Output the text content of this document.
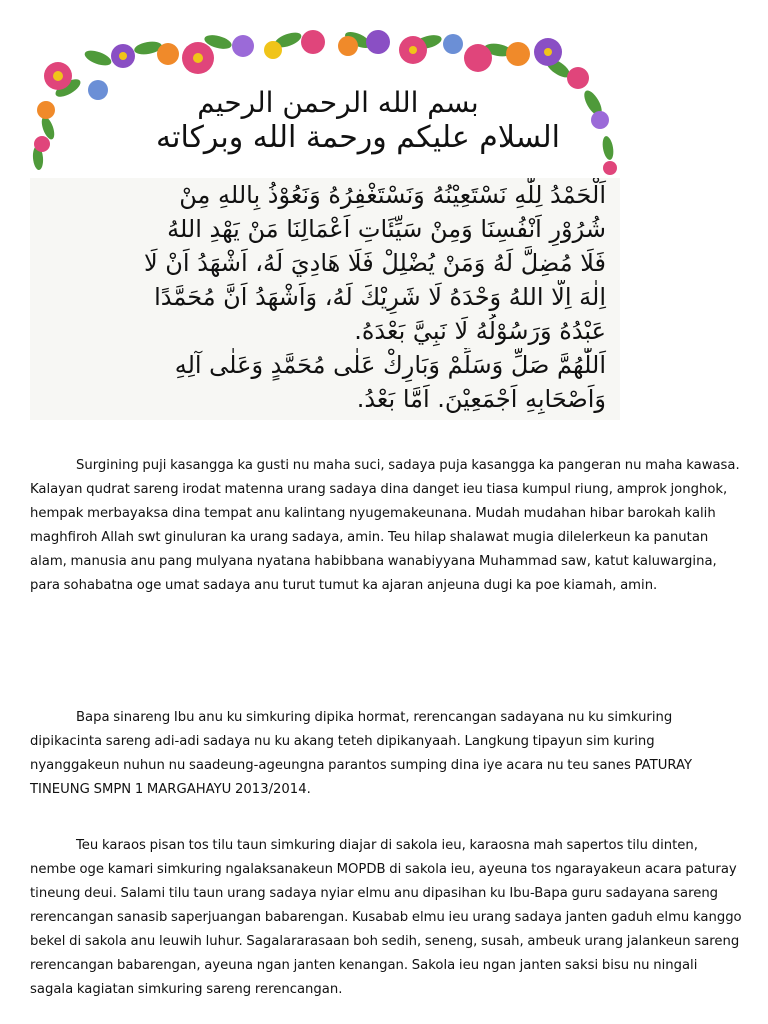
بسم الله الرحمن الرحيم
السلام عليكم ورحمة الله وبركاته
اَلْحَمْدُ لِلّٰهِ نَسْتَعِيْنُهُ وَنَسْتَغْفِرُهُ وَنَعُوْذُ بِاللهِ مِنْ
شُرُوْرِ اَنْفُسِنَا وَمِنْ سَيِّئَاتِ اَعْمَالِنَا مَنْ يَهْدِ اللهُ
فَلَا مُضِلَّ لَهُ وَمَنْ يُضْلِلْ فَلَا هَادِيَ لَهُ، اَشْهَدُ اَنْ لَا
اِلٰهَ اِلَّا اللهُ وَحْدَهُ لَا شَرِيْكَ لَهُ، وَاَشْهَدُ اَنَّ مُحَمَّدًا
عَبْدُهُ وَرَسُوْلُهُ لَا نَبِيَّ بَعْدَهُ.
اَللّٰهُمَّ صَلِّ وَسَلِّمْ وَبَارِكْ عَلٰى مُحَمَّدٍ وَعَلٰى آلِهِ
وَاَصْحَابِهِ اَجْمَعِيْنَ. اَمَّا بَعْدُ.

Surgining puji kasangga ka gusti nu maha suci, sadaya puja kasangga ka pangeran nu maha kawasa. Kalayan qudrat sareng irodat matenna urang sadaya dina danget ieu tiasa kumpul riung, amprok jonghok, hempak merbayaksa dina tempat anu kalintang nyugemakeunana. Mudah mudahan hibar barokah kalih maghfiroh Allah swt ginuluran ka urang sadaya, amin. Teu hilap shalawat mugia dilelerkeun ka panutan alam, manusia anu pang mulyana nyatana habibbana wanabiyyana Muhammad saw, katut kaluwargina, para sohabatna oge umat sadaya anu turut tumut ka ajaran anjeuna dugi ka poe kiamah, amin.

Bapa sinareng Ibu anu ku simkuring dipika hormat, rerencangan sadayana nu ku simkuring dipikacinta sareng adi-adi sadaya nu ku akang teteh dipikanyaah. Langkung tipayun sim kuring nyanggakeun nuhun nu saadeung-ageungna parantos sumping dina iye acara nu teu sanes PATURAY TINEUNG SMPN 1 MARGAHAYU 2013/2014.

Teu karaos pisan tos tilu taun simkuring diajar di sakola ieu, karaosna mah sapertos tilu dinten, nembe oge kamari simkuring ngalaksanakeun MOPDB di sakola ieu, ayeuna tos ngarayakeun acara paturay tineung deui. Salami tilu taun urang sadaya nyiar elmu anu dipasihan ku Ibu-Bapa guru sadayana sareng rerencangan sanasib saperjuangan babarengan. Kusabab elmu ieu urang sadaya janten gaduh elmu kanggo bekel di sakola anu leuwih luhur. Sagalararasaan boh sedih, seneng, susah, ambeuk urang jalankeun sareng rerencangan babarengan, ayeuna ngan janten kenangan. Sakola ieu ngan janten saksi bisu nu ningali sagala kagiatan simkuring sareng rerencangan.
